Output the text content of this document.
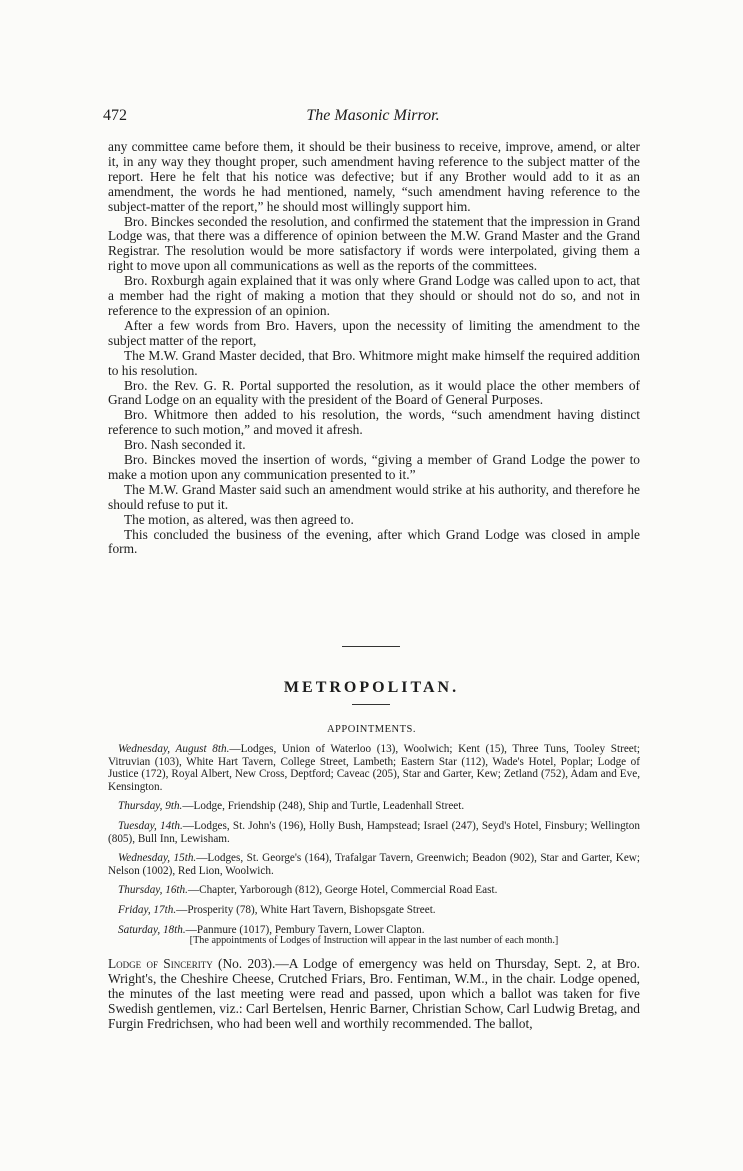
472	The Masonic Mirror.

any committee came before them, it should be their business to receive, improve, amend, or alter it, in any way they thought proper, such amendment having reference to the subject matter of the report. Here he felt that his notice was defective; but if any Brother would add to it as an amendment, the words he had mentioned, namely, “such amendment having reference to the subject-matter of the report,” he should most willingly support him.

Bro. Binckes seconded the resolution, and confirmed the statement that the impression in Grand Lodge was, that there was a difference of opinion between the M.W. Grand Master and the Grand Registrar. The resolution would be more satisfactory if words were interpolated, giving them a right to move upon all communications as well as the reports of the committees.

Bro. Roxburgh again explained that it was only where Grand Lodge was called upon to act, that a member had the right of making a motion that they should or should not do so, and not in reference to the expression of an opinion.

After a few words from Bro. Havers, upon the necessity of limiting the amendment to the subject matter of the report,

The M.W. Grand Master decided, that Bro. Whitmore might make himself the required addition to his resolution.

Bro. the Rev. G. R. Portal supported the resolution, as it would place the other members of Grand Lodge on an equality with the president of the Board of General Purposes.

Bro. Whitmore then added to his resolution, the words, “such amendment having distinct reference to such motion,” and moved it afresh.

Bro. Nash seconded it.

Bro. Binckes moved the insertion of words, “giving a member of Grand Lodge the power to make a motion upon any communication presented to it.”

The M.W. Grand Master said such an amendment would strike at his authority, and therefore he should refuse to put it.

The motion, as altered, was then agreed to.

This concluded the business of the evening, after which Grand Lodge was closed in ample form.

METROPOLITAN.
APPOINTMENTS.

Wednesday, August 8th.—Lodges, Union of Waterloo (13), Woolwich; Kent (15), Three Tuns, Tooley Street; Vitruvian (103), White Hart Tavern, College Street, Lambeth; Eastern Star (112), Wade's Hotel, Poplar; Lodge of Justice (172), Royal Albert, New Cross, Deptford; Caveac (205), Star and Garter, Kew; Zetland (752), Adam and Eve, Kensington.

Thursday, 9th.—Lodge, Friendship (248), Ship and Turtle, Leadenhall Street.

Tuesday, 14th.—Lodges, St. John's (196), Holly Bush, Hampstead; Israel (247), Seyd's Hotel, Finsbury; Wellington (805), Bull Inn, Lewisham.

Wednesday, 15th.—Lodges, St. George's (164), Trafalgar Tavern, Greenwich; Beadon (902), Star and Garter, Kew; Nelson (1002), Red Lion, Woolwich.

Thursday, 16th.—Chapter, Yarborough (812), George Hotel, Commercial Road East.

Friday, 17th.—Prosperity (78), White Hart Tavern, Bishopsgate Street.

Saturday, 18th.—Panmure (1017), Pembury Tavern, Lower Clapton.

[The appointments of Lodges of Instruction will appear in the last number of each month.]

Lodge of Sincerity (No. 203).—A Lodge of emergency was held on Thursday, Sept. 2, at Bro. Wright's, the Cheshire Cheese, Crutched Friars, Bro. Fentiman, W.M., in the chair. Lodge opened, the minutes of the last meeting were read and passed, upon which a ballot was taken for five Swedish gentlemen, viz.: Carl Bertelsen, Henric Barner, Christian Schow, Carl Ludwig Bretag, and Furgin Fredrichsen, who had been well and worthily recommended. The ballot,
